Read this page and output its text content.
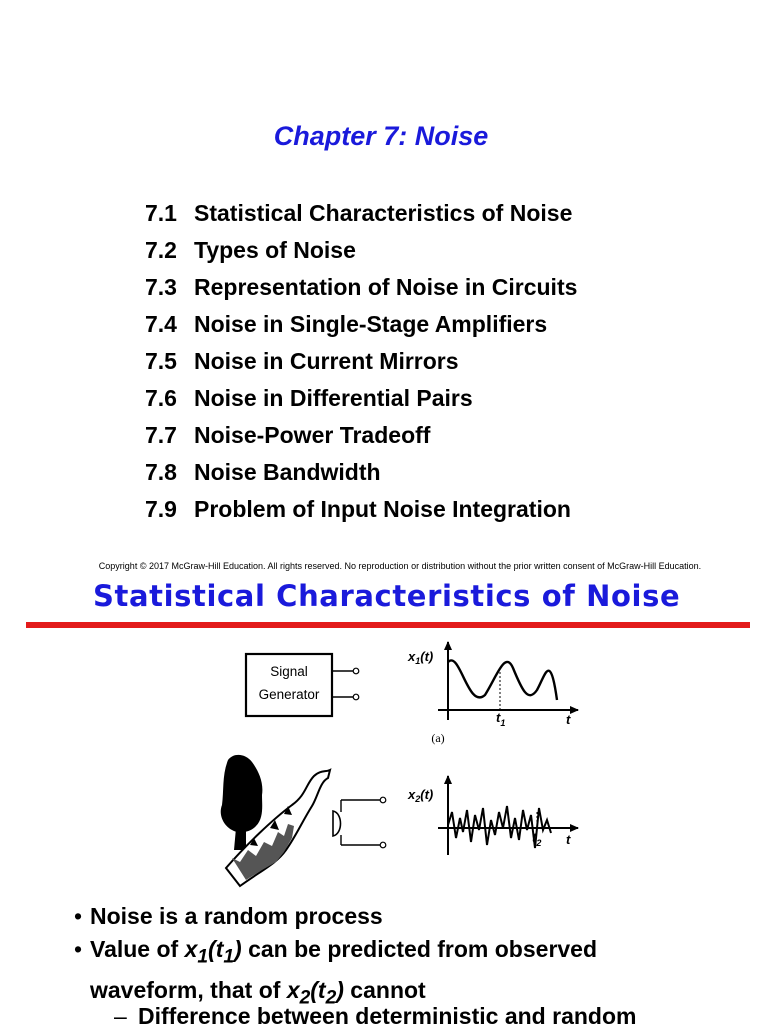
Chapter 7: Noise
7.1 Statistical Characteristics of Noise
7.2 Types of Noise
7.3 Representation of Noise in Circuits
7.4 Noise in Single-Stage Amplifiers
7.5 Noise in Current Mirrors
7.6 Noise in Differential Pairs
7.7 Noise-Power Tradeoff
7.8 Noise Bandwidth
7.9 Problem of Input Noise Integration
Copyright © 2017 McGraw-Hill Education. All rights reserved. No reproduction or distribution without the prior written consent of McGraw-Hill Education.
Statistical Characteristics of Noise
Signal
Generator
$x_1(t)$
$t_1$	t
(a)
$x_2(t)$
$t_2$ t
• Noise is a random process
• Value of $x_1(t_1)$ can be predicted from observed
waveform, that of $x_2(t_2)$ cannot
– Difference between deterministic and random
